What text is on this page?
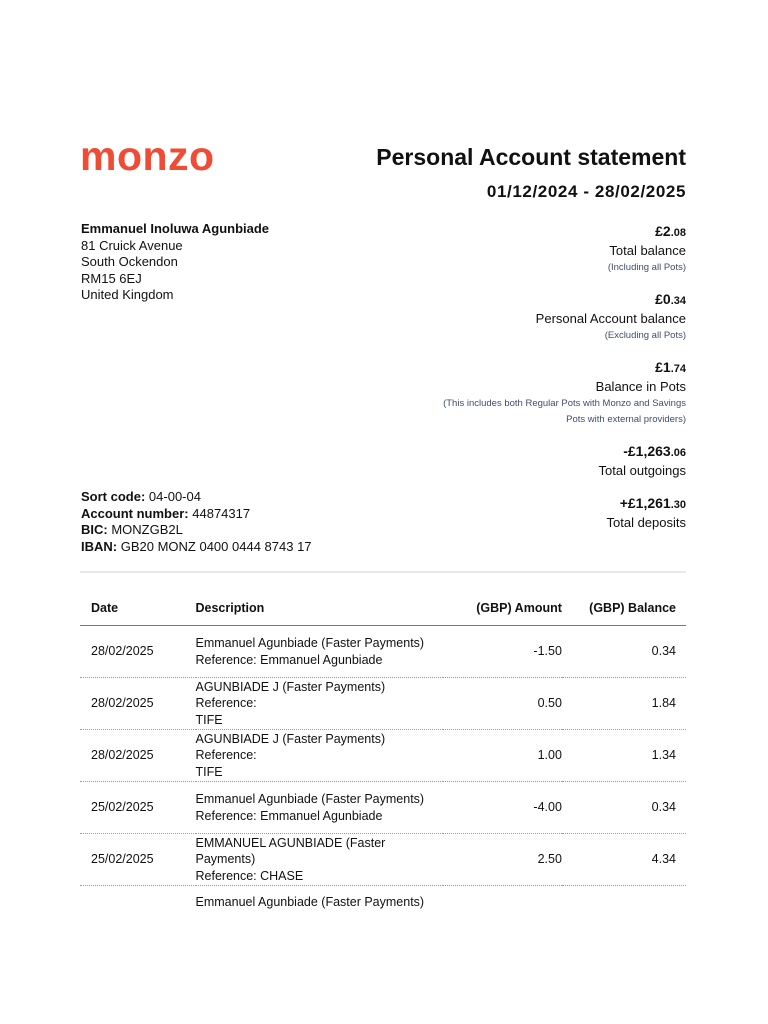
monzo	Personal Account statement
01/12/2024 - 28/02/2025
Emmanuel Inoluwa Agunbiade
81 Cruick Avenue
South Ockendon
RM15 6EJ
United Kingdom
£2.08
Total balance
(Including all Pots)
£0.34
Personal Account balance
(Excluding all Pots)
£1.74
Balance in Pots
(This includes both Regular Pots with Monzo and Savings
Pots with external providers)
-£1,263.06
Total outgoings
+£1,261.30
Total deposits
Sort code: 04-00-04
Account number: 44874317
BIC: MONZGB2L
IBAN: GB20 MONZ 0400 0444 8743 17
Date	Description	(GBP) Amount	(GBP) Balance
28/02/2025	Emmanuel Agunbiade (Faster Payments)
Reference: Emmanuel Agunbiade	-1.50	0.34
28/02/2025	AGUNBIADE J (Faster Payments) Reference:
TIFE	0.50	1.84
28/02/2025	AGUNBIADE J (Faster Payments) Reference:
TIFE	1.00	1.34
25/02/2025	Emmanuel Agunbiade (Faster Payments)
Reference: Emmanuel Agunbiade	-4.00	0.34
25/02/2025	EMMANUEL AGUNBIADE (Faster Payments)
Reference: CHASE	2.50	4.34
	Emmanuel Agunbiade (Faster Payments)		
